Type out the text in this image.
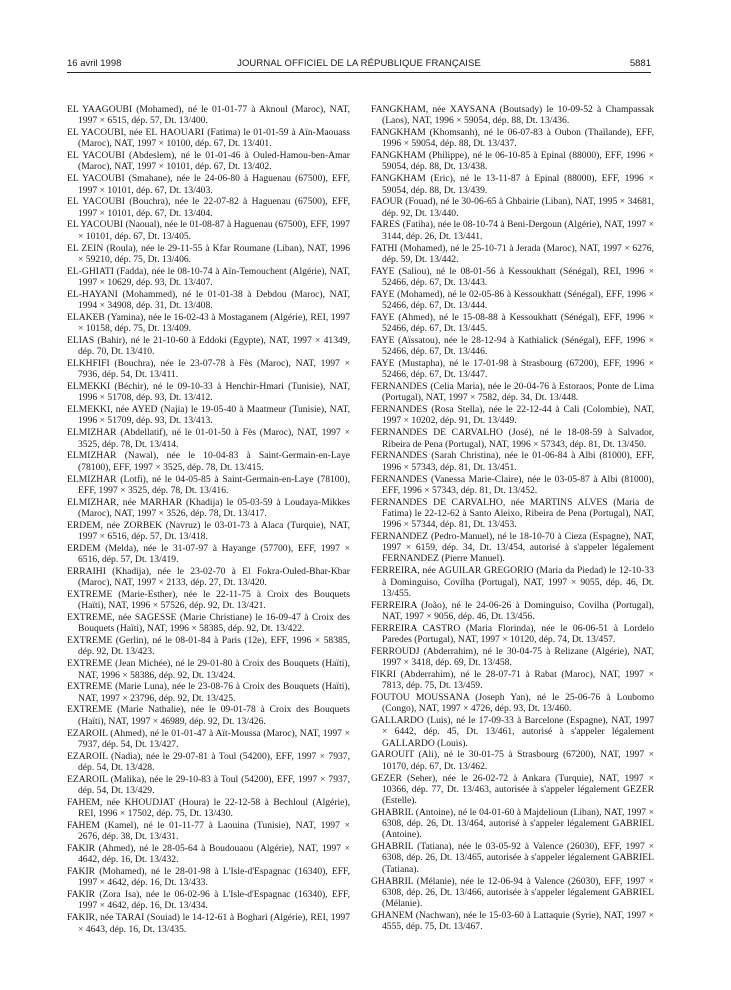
16 avril 1998	JOURNAL OFFICIEL DE LA RÉPUBLIQUE FRANÇAISE	5881

EL YAAGOUBI (Mohamed), né le 01-01-77 à Aknoul (Maroc), NAT, 1997 × 6515, dép. 57, Dt. 13/400.

EL YACOUBI, née EL HAOUARI (Fatima) le 01-01-59 à Aïn-Maouass (Maroc), NAT, 1997 × 10100, dép. 67, Dt. 13/401.

EL YACOUBI (Abdeslem), né le 01-01-46 à Ouled-Hamou-ben-Amar (Maroc), NAT, 1997 × 10101, dép. 67, Dt. 13/402.

EL YACOUBI (Smahane), née le 24-06-80 à Haguenau (67500), EFF, 1997 × 10101, dép. 67, Dt. 13/403.

EL YACOUBI (Bouchra), née le 22-07-82 à Haguenau (67500), EFF, 1997 × 10101, dép. 67, Dt. 13/404.

EL YACOUBI (Naoual), née le 01-08-87 à Haguenau (67500), EFF, 1997 × 10101, dép. 67, Dt. 13/405.

EL ZEIN (Roula), née le 29-11-55 à Kfar Roumane (Liban), NAT, 1996 × 59210, dép. 75, Dt. 13/406.

EL-GHIATI (Fadda), née le 08-10-74 à Aïn-Temouchent (Algérie), NAT, 1997 × 10629, dép. 93, Dt. 13/407.

EL-HAYANI (Mohammed), né le 01-01-38 à Debdou (Maroc), NAT, 1994 × 34908, dép. 31, Dt. 13/408.

ELAKEB (Yamina), née le 16-02-43 à Mostaganem (Algérie), REI, 1997 × 10158, dép. 75, Dt. 13/409.

ELIAS (Bahir), né le 21-10-60 à Eddoki (Egypte), NAT, 1997 × 41349, dép. 70, Dt. 13/410.

ELKHFIFI (Bouchra), née le 23-07-78 à Fès (Maroc), NAT, 1997 × 7936, dép. 54, Dt. 13/411.

ELMEKKI (Béchir), né le 09-10-33 à Henchir-Hmari (Tunisie), NAT, 1996 × 51708, dép. 93, Dt. 13/412.

ELMEKKI, née AYED (Najia) le 19-05-40 à Maatmeur (Tunisie), NAT, 1996 × 51709, dép. 93, Dt. 13/413.

ELMIZHAR (Abdellatif), né le 01-01-50 à Fès (Maroc), NAT, 1997 × 3525, dép. 78, Dt. 13/414.

ELMIZHAR (Nawal), née le 10-04-83 à Saint-Germain-en-Laye (78100), EFF, 1997 × 3525, dép. 78, Dt. 13/415.

ELMIZHAR (Lotfi), né le 04-05-85 à Saint-Germain-en-Laye (78100), EFF, 1997 × 3525, dép. 78, Dt. 13/416.

ELMIZHAR, née MARHAR (Khadija) le 05-03-59 à Loudaya-Mikkes (Maroc), NAT, 1997 × 3526, dép. 78, Dt. 13/417.

ERDEM, née ZORBEK (Navruz) le 03-01-73 à Alaca (Turquie), NAT, 1997 × 6516, dép. 57, Dt. 13/418.

ERDEM (Melda), née le 31-07-97 à Hayange (57700), EFF, 1997 × 6516, dép. 57, Dt. 13/419.

ERRAIHI (Khadija), née le 23-02-70 à El Fokra-Ouled-Bhar-Kbar (Maroc), NAT, 1997 × 2133, dép. 27, Dt. 13/420.

EXTREME (Marie-Esther), née le 22-11-75 à Croix des Bouquets (Haïti), NAT, 1996 × 57526, dép. 92, Dt. 13/421.

EXTREME, née SAGESSE (Marie Christiane) le 16-09-47 à Croix des Bouquets (Haïti), NAT, 1996 × 58385, dép. 92, Dt. 13/422.

EXTREME (Gerlin), né le 08-01-84 à Paris (12e), EFF, 1996 × 58385, dép. 92, Dt. 13/423.

EXTREME (Jean Michée), né le 29-01-80 à Croix des Bouquets (Haïti), NAT, 1996 × 58386, dép. 92, Dt. 13/424.

EXTREME (Marie Luna), née le 23-08-76 à Croix des Bouquets (Haïti), NAT, 1997 × 23796, dép. 92, Dt. 13/425.

EXTREME (Marie Nathalie), née le 09-01-78 à Croix des Bouquets (Haïti), NAT, 1997 × 46989, dép. 92, Dt. 13/426.

EZAROIL (Ahmed), né le 01-01-47 à Aït-Moussa (Maroc), NAT, 1997 × 7937, dép. 54, Dt. 13/427.

EZAROIL (Nadia), née le 29-07-81 à Toul (54200), EFF, 1997 × 7937, dép. 54, Dt. 13/428.

EZAROIL (Malika), née le 29-10-83 à Toul (54200), EFF, 1997 × 7937, dép. 54, Dt. 13/429.

FAHEM, née KHOUDJAT (Houra) le 22-12-58 à Bechloul (Algérie), REI, 1996 × 17502, dép. 75, Dt. 13/430.

FAHEM (Kamel), né le 01-11-77 à Laouina (Tunisie), NAT, 1997 × 2676, dép. 38, Dt. 13/431.

FAKIR (Ahmed), né le 28-05-64 à Boudouaou (Algérie), NAT, 1997 × 4642, dép. 16, Dt. 13/432.

FAKIR (Mohamed), né le 28-01-98 à L'Isle-d'Espagnac (16340), EFF, 1997 × 4642, dép. 16, Dt. 13/433.

FAKIR (Zora Isa), née le 06-02-96 à L'Isle-d'Espagnac (16340), EFF, 1997 × 4642, dép. 16, Dt. 13/434.

FAKIR, née TARAI (Souiad) le 14-12-61 à Boghari (Algérie), REI, 1997 × 4643, dép. 16, Dt. 13/435.

FANGKHAM, née XAYSANA (Boutsady) le 10-09-52 à Champassak (Laos), NAT, 1996 × 59054, dép. 88, Dt. 13/436.

FANGKHAM (Khomsanh), né le 06-07-83 à Oubon (Thaïlande), EFF, 1996 × 59054, dép. 88, Dt. 13/437.

FANGKHAM (Philippe), né le 06-10-85 à Epinal (88000), EFF, 1996 × 59054, dép. 88, Dt. 13/438.

FANGKHAM (Eric), né le 13-11-87 à Epinal (88000), EFF, 1996 × 59054, dép. 88, Dt. 13/439.

FAOUR (Fouad), né le 30-06-65 à Ghbairie (Liban), NAT, 1995 × 34681, dép. 92, Dt. 13/440.

FARES (Fatiha), née le 08-10-74 à Beni-Dergoun (Algérie), NAT, 1997 × 3144, dép. 26, Dt. 13/441.

FATHI (Mohamed), né le 25-10-71 à Jerada (Maroc), NAT, 1997 × 6276, dép. 59, Dt. 13/442.

FAYE (Saliou), né le 08-01-56 à Kessoukhatt (Sénégal), REI, 1996 × 52466, dép. 67, Dt. 13/443.

FAYE (Mohamed), né le 02-05-86 à Kessoukhatt (Sénégal), EFF, 1996 × 52466, dép. 67, Dt. 13/444.

FAYE (Ahmed), né le 15-08-88 à Kessoukhatt (Sénégal), EFF, 1996 × 52466, dép. 67, Dt. 13/445.

FAYE (Aïssatou), née le 28-12-94 à Kathialick (Sénégal), EFF, 1996 × 52466, dép. 67, Dt. 13/446.

FAYE (Mustapha), né le 17-01-98 à Strasbourg (67200), EFF, 1996 × 52466, dép. 67, Dt. 13/447.

FERNANDES (Celia Maria), née le 20-04-76 à Estoraos, Ponte de Lima (Portugal), NAT, 1997 × 7582, dép. 34, Dt. 13/448.

FERNANDES (Rosa Stella), née le 22-12-44 à Cali (Colombie), NAT, 1997 × 10202, dép. 91, Dt. 13/449.

FERNANDES DE CARVALHO (José), né le 18-08-59 à Salvador, Ribeira de Pena (Portugal), NAT, 1996 × 57343, dép. 81, Dt. 13/450.

FERNANDES (Sarah Christina), née le 01-06-84 à Albi (81000), EFF, 1996 × 57343, dép. 81, Dt. 13/451.

FERNANDES (Vanessa Marie-Claire), née le 03-05-87 à Albi (81000), EFF, 1996 × 57343, dép. 81, Dt. 13/452.

FERNANDES DE CARVALHO, née MARTINS ALVES (Maria de Fatima) le 22-12-62 à Santo Aleixo, Ribeira de Pena (Portugal), NAT, 1996 × 57344, dép. 81, Dt. 13/453.

FERNANDEZ (Pedro-Manuel), né le 18-10-70 à Cieza (Espagne), NAT, 1997 × 6159, dép. 34, Dt. 13/454, autorisé à s'appeler légalement FERNANDEZ (Pierre Manuel).

FERREIRA, née AGUILAR GREGORIO (Maria da Piedad) le 12-10-33 à Dominguiso, Covilha (Portugal), NAT, 1997 × 9055, dép. 46, Dt. 13/455.

FERREIRA (João), né le 24-06-26 à Dominguiso, Covilha (Portugal), NAT, 1997 × 9056, dép. 46, Dt. 13/456.

FERREIRA CASTRO (Maria Florinda), née le 06-06-51 à Lordelo Paredes (Portugal), NAT, 1997 × 10120, dép. 74, Dt. 13/457.

FERROUDJ (Abderrahim), né le 30-04-75 à Relizane (Algérie), NAT, 1997 × 3418, dép. 69, Dt. 13/458.

FIKRI (Abderrahim), né le 28-07-71 à Rabat (Maroc), NAT, 1997 × 7813, dép. 75, Dt. 13/459.

FOUTOU MOUSSANA (Joseph Yan), né le 25-06-76 à Loubomo (Congo), NAT, 1997 × 4726, dép. 93, Dt. 13/460.

GALLARDO (Luis), né le 17-09-33 à Barcelone (Espagne), NAT, 1997 × 6442, dép. 45, Dt. 13/461, autorisé à s'appeler légalement GALLARDO (Louis).

GAROUIT (Ali), né le 30-01-75 à Strasbourg (67200), NAT, 1997 × 10170, dép. 67, Dt. 13/462.

GEZER (Seher), née le 26-02-72 à Ankara (Turquie), NAT, 1997 × 10366, dép. 77, Dt. 13/463, autorisée à s'appeler légalement GEZER (Estelle).

GHABRIL (Antoine), né le 04-01-60 à Majdelioun (Liban), NAT, 1997 × 6308, dép. 26, Dt. 13/464, autorisé à s'appeler légalement GABRIEL (Antoine).

GHABRIL (Tatiana), née le 03-05-92 à Valence (26030), EFF, 1997 × 6308, dép. 26, Dt. 13/465, autorisée à s'appeler légalement GABRIEL (Tatiana).

GHABRIL (Mélanie), née le 12-06-94 à Valence (26030), EFF, 1997 × 6308, dép. 26, Dt. 13/466, autorisée à s'appeler légalement GABRIEL (Mélanie).

GHANEM (Nachwan), née le 15-03-60 à Lattaquie (Syrie), NAT, 1997 × 4555, dép. 75, Dt. 13/467.
